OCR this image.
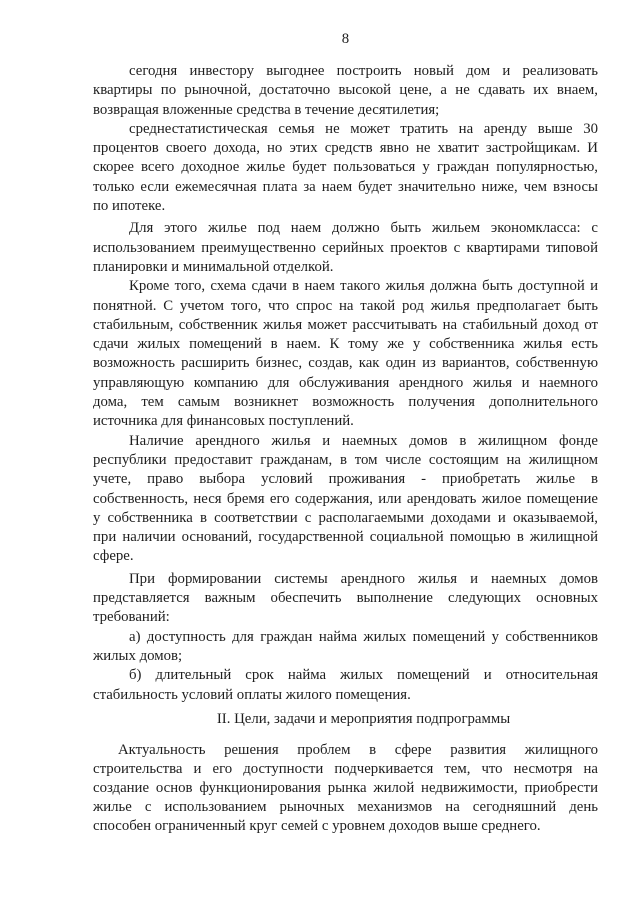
8
сегодня инвестору выгоднее построить новый дом и реализовать
квартиры по рыночной, достаточно высокой цене, а не сдавать их внаем,
возвращая вложенные средства в течение десятилетия;
среднестатистическая семья не может тратить на аренду выше 30
процентов своего дохода, но этих средств явно не хватит застройщикам. И
скорее всего доходное жилье будет пользоваться у граждан популярностью,
только если ежемесячная плата за наем будет значительно ниже, чем взносы
по ипотеке.
Для этого жилье под наем должно быть жильем экономкласса: с
использованием преимущественно серийных проектов с квартирами типовой
планировки и минимальной отделкой.
Кроме того, схема сдачи в наем такого жилья должна быть доступной и
понятной. С учетом того, что спрос на такой род жилья предполагает быть
стабильным, собственник жилья может рассчитывать на стабильный доход от
сдачи жилых помещений в наем. К тому же у собственника жилья есть
возможность расширить бизнес, создав, как один из вариантов, собственную
управляющую компанию для обслуживания арендного жилья и наемного
дома, тем самым возникнет возможность получения дополнительного
источника для финансовых поступлений.
Наличие арендного жилья и наемных домов в жилищном фонде
республики предоставит гражданам, в том числе состоящим на жилищном
учете, право выбора условий проживания - приобретать жилье в
собственность, неся бремя его содержания, или арендовать жилое помещение
у собственника в соответствии с располагаемыми доходами и оказываемой,
при наличии оснований, государственной социальной помощью в жилищной
сфере.
При формировании системы арендного жилья и наемных домов
представляется важным обеспечить выполнение следующих основных
требований:
а) доступность для граждан найма жилых помещений у собственников
жилых домов;
б) длительный срок найма жилых помещений и относительная
стабильность условий оплаты жилого помещения.
II. Цели, задачи и мероприятия подпрограммы
Актуальность решения проблем в сфере развития жилищного
строительства и его доступности подчеркивается тем, что несмотря на
создание основ функционирования рынка жилой недвижимости, приобрести
жилье с использованием рыночных механизмов на сегодняшний день
способен ограниченный круг семей с уровнем доходов выше среднего.
